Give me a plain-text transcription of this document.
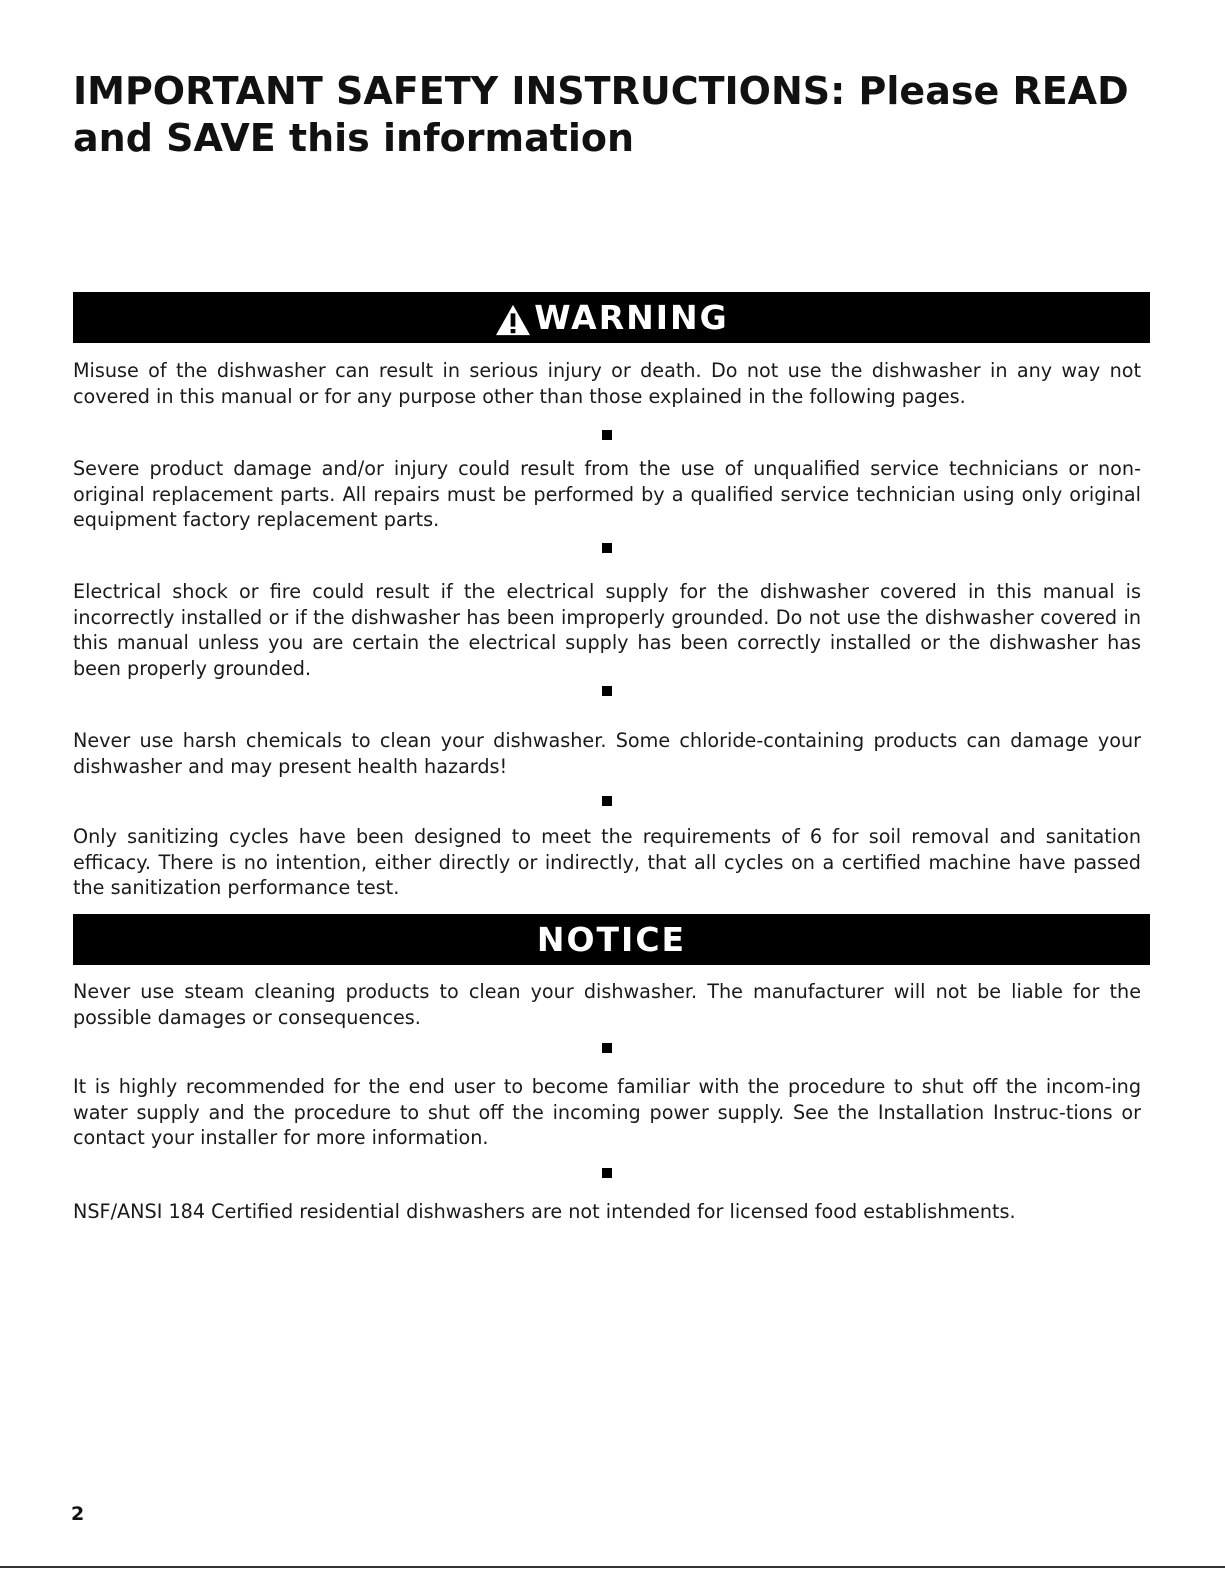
IMPORTANT SAFETY INSTRUCTIONS: Please READ and SAVE this information
WARNING

Misuse of the dishwasher can result in serious injury or death. Do not use the dishwasher in any way not covered in this manual or for any purpose other than those explained in the following pages.

Severe product damage and/or injury could result from the use of unqualified service technicians or non-original replacement parts. All repairs must be performed by a qualified service technician using only original equipment factory replacement parts.

Electrical shock or fire could result if the electrical supply for the dishwasher covered in this manual is incorrectly installed or if the dishwasher has been improperly grounded. Do not use the dishwasher covered in this manual unless you are certain the electrical supply has been correctly installed or the dishwasher has been properly grounded.

Never use harsh chemicals to clean your dishwasher. Some chloride-containing products can damage your dishwasher and may present health hazards!

Only sanitizing cycles have been designed to meet the requirements of 6 for soil removal and sanitation efficacy. There is no intention, either directly or indirectly, that all cycles on a certified machine have passed the sanitization performance test.

NOTICE

Never use steam cleaning products to clean your dishwasher. The manufacturer will not be liable for the possible damages or consequences.

It is highly recommended for the end user to become familiar with the procedure to shut off the incom-ing water supply and the procedure to shut off the incoming power supply. See the Installation Instruc-tions or contact your installer for more information.

NSF/ANSI 184 Certified residential dishwashers are not intended for licensed food establishments.

2
